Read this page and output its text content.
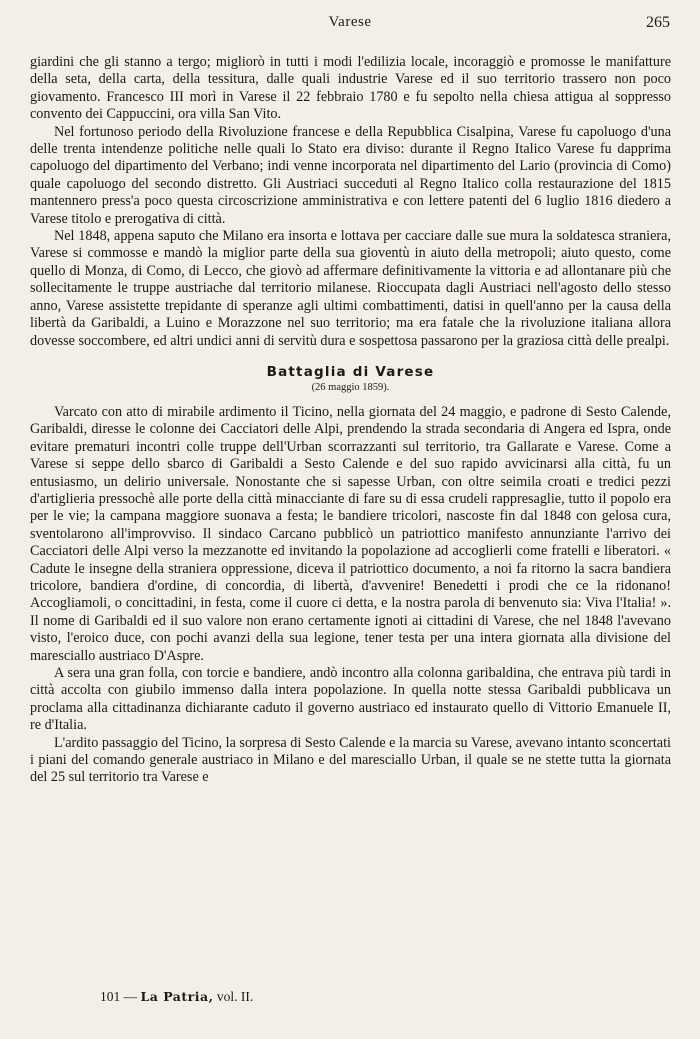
Varese	265

giardini che gli stanno a tergo; migliorò in tutti i modi l'edilizia locale, incoraggiò e promosse le manifatture della seta, della carta, della tessitura, dalle quali industrie Varese ed il suo territorio trassero non poco giovamento. Francesco III morì in Varese il 22 febbraio 1780 e fu sepolto nella chiesa attigua al soppresso convento dei Cappuccini, ora villa San Vito.

Nel fortunoso periodo della Rivoluzione francese e della Repubblica Cisalpina, Varese fu capoluogo d'una delle trenta intendenze politiche nelle quali lo Stato era diviso: durante il Regno Italico Varese fu dapprima capoluogo del dipartimento del Verbano; indi venne incorporata nel dipartimento del Lario (provincia di Como) quale capoluogo del secondo distretto. Gli Austriaci succeduti al Regno Italico colla restaurazione del 1815 mantennero press'a poco questa circoscrizione amministrativa e con lettere patenti del 6 luglio 1816 diedero a Varese titolo e prerogativa di città.

Nel 1848, appena saputo che Milano era insorta e lottava per cacciare dalle sue mura la soldatesca straniera, Varese si commosse e mandò la miglior parte della sua gioventù in aiuto della metropoli; aiuto questo, come quello di Monza, di Como, di Lecco, che giovò ad affermare definitivamente la vittoria e ad allontanare più che sollecitamente le truppe austriache dal territorio milanese. Rioccupata dagli Austriaci nell'agosto dello stesso anno, Varese assistette trepidante di speranze agli ultimi combattimenti, datisi in quell'anno per la causa della libertà da Garibaldi, a Luino e Morazzone nel suo territorio; ma era fatale che la rivoluzione italiana allora dovesse soccombere, ed altri undici anni di servitù dura e sospettosa passarono per la graziosa città delle prealpi.

Battaglia di Varese
(26 maggio 1859).

Varcato con atto di mirabile ardimento il Ticino, nella giornata del 24 maggio, e padrone di Sesto Calende, Garibaldi, diresse le colonne dei Cacciatori delle Alpi, prendendo la strada secondaria di Angera ed Ispra, onde evitare prematuri incontri colle truppe dell'Urban scorrazzanti sul territorio, tra Gallarate e Varese. Come a Varese si seppe dello sbarco di Garibaldi a Sesto Calende e del suo rapido avvicinarsi alla città, fu un entusiasmo, un delirio universale. Nonostante che si sapesse Urban, con oltre seimila croati e tredici pezzi d'artiglieria pressochè alle porte della città minacciante di fare su di essa crudeli rappresaglie, tutto il popolo era per le vie; la campana maggiore suonava a festa; le bandiere tricolori, nascoste fin dal 1848 con gelosa cura, sventolarono all'improvviso. Il sindaco Carcano pubblicò un patriottico manifesto annunziante l'arrivo dei Cacciatori delle Alpi verso la mezzanotte ed invitando la popolazione ad accoglierli come fratelli e liberatori. « Cadute le insegne della straniera oppressione, diceva il patriottico documento, a noi fa ritorno la sacra bandiera tricolore, bandiera d'ordine, di concordia, di libertà, d'avvenire! Benedetti i prodi che ce la ridonano! Accogliamoli, o concittadini, in festa, come il cuore ci detta, e la nostra parola di benvenuto sia: Viva l'Italia! ». Il nome di Garibaldi ed il suo valore non erano certamente ignoti ai cittadini di Varese, che nel 1848 l'avevano visto, l'eroico duce, con pochi avanzi della sua legione, tener testa per una intera giornata alla divisione del maresciallo austriaco D'Aspre.

A sera una gran folla, con torcie e bandiere, andò incontro alla colonna garibaldina, che entrava più tardi in città accolta con giubilo immenso dalla intera popolazione. In quella notte stessa Garibaldi pubblicava un proclama alla cittadinanza dichiarante caduto il governo austriaco ed instaurato quello di Vittorio Emanuele II, re d'Italia.

L'ardito passaggio del Ticino, la sorpresa di Sesto Calende e la marcia su Varese, avevano intanto sconcertati i piani del comando generale austriaco in Milano e del maresciallo Urban, il quale se ne stette tutta la giornata del 25 sul territorio tra Varese e

101 — La Patria, vol. II.
